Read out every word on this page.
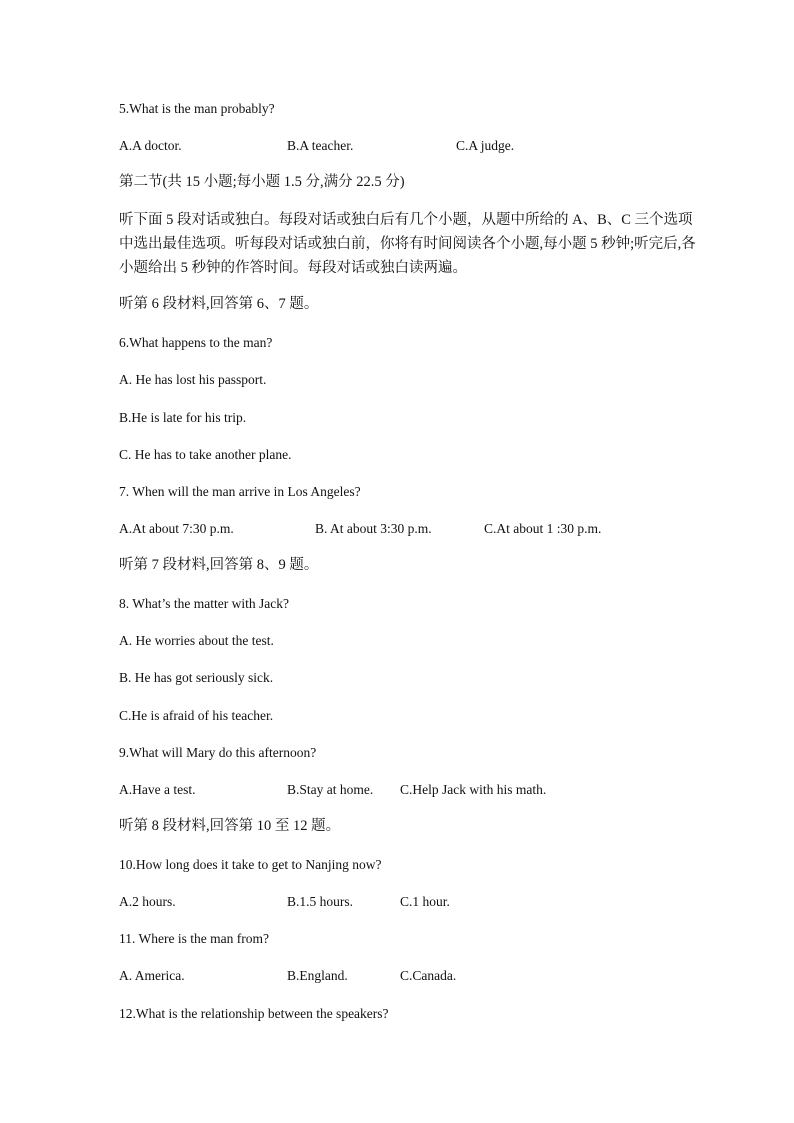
5.What is the man probably?
A.A doctor.	B.A teacher.	C.A judge.
第二节(共 15 小题;每小题 1.5 分,满分 22.5 分)
听下面 5 段对话或独白。每段对话或独白后有几个小题，从题中所给的 A、B、C 三个选项
中选出最佳选项。听每段对话或独白前，你将有时间阅读各个小题,每小题 5 秒钟;听完后,各
小题给出 5 秒钟的作答时间。每段对话或独白读两遍。
听第 6 段材料,回答第 6、7 题。
6.What happens to the man?
A. He has lost his passport.
B.He is late for his trip.
C. He has to take another plane.
7. When will the man arrive in Los Angeles?
A.At about 7:30 p.m.	B. At about 3:30 p.m.	C.At about 1 :30 p.m.
听第 7 段材料,回答第 8、9 题。
8. What’s the matter with Jack?
A. He worries about the test.
B. He has got seriously sick.
C.He is afraid of his teacher.
9.What will Mary do this afternoon?
A.Have a test.	B.Stay at home. C.Help Jack with his math.
听第 8 段材料,回答第 10 至 12 题。
10.How long does it take to get to Nanjing now?
A.2 hours.	B.1.5 hours.	C.1 hour.
11. Where is the man from?
A. America.	B.England.	C.Canada.
12.What is the relationship between the speakers?
